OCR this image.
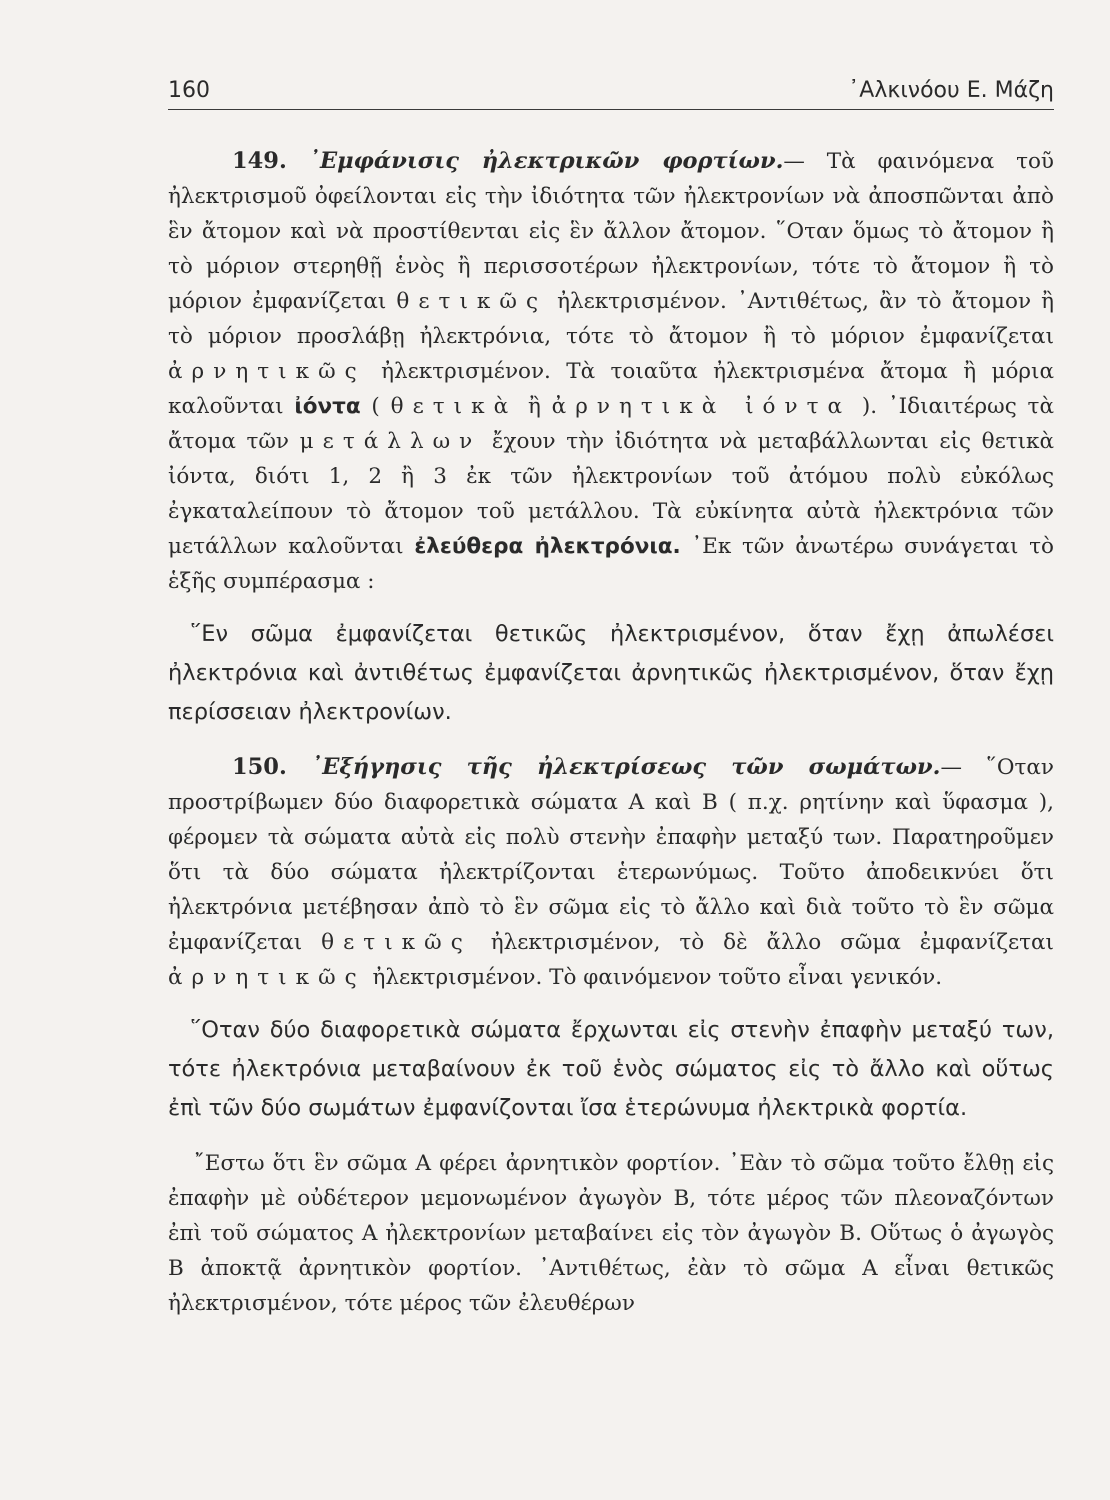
160	᾿Αλκινόου Ε. Μάζη

149. ᾿Εμφάνισις ἠλεκτρικῶν φορτίων.— Τὰ φαινόμενα τοῦ ἠλεκτρισμοῦ ὀφείλονται εἰς τὴν ἰδιότητα τῶν ἠλεκτρονίων νὰ ἀποσπῶνται ἀπὸ ἓν ἄτομον καὶ νὰ προστίθενται εἰς ἓν ἄλλον ἄτομον. ῞Οταν ὅμως τὸ ἄτομον ἢ τὸ μόριον στερηθῇ ἑνὸς ἢ περισσοτέρων ἠλεκτρονίων, τότε τὸ ἄτομον ἢ τὸ μόριον ἐμφανίζεται θετικῶς ἠλεκτρισμένον. ᾿Αντιθέτως, ἂν τὸ ἄτομον ἢ τὸ μόριον προσλάβῃ ἠλεκτρόνια, τότε τὸ ἄτομον ἢ τὸ μόριον ἐμφανίζεται ἀρνητικῶς ἠλεκτρισμένον. Τὰ τοιαῦτα ἠλεκτρισμένα ἄτομα ἢ μόρια καλοῦνται ἰόντα ( θετικὰ ἢ ἀρνητικὰ ἰόντα ). ᾿Ιδιαιτέρως τὰ ἄτομα τῶν μετάλλων ἔχουν τὴν ἰδιότητα νὰ μεταβάλλωνται εἰς θετικὰ ἰόντα, διότι 1, 2 ἢ 3 ἐκ τῶν ἠλεκτρονίων τοῦ ἀτόμου πολὺ εὐκόλως ἐγκαταλείπουν τὸ ἄτομον τοῦ μετάλλου. Τὰ εὐκίνητα αὐτὰ ἠλεκτρόνια τῶν μετάλλων καλοῦνται ἐλεύθερα ἠλεκτρόνια. ᾿Εκ τῶν ἀνωτέρω συνάγεται τὸ ἑξῆς συμπέρασμα :

῞Εν σῶμα ἐμφανίζεται θετικῶς ἠλεκτρισμένον, ὅταν ἔχῃ ἀπωλέσει ἠλεκτρόνια καὶ ἀντιθέτως ἐμφανίζεται ἀρνητικῶς ἠλεκτρισμένον, ὅταν ἔχῃ περίσσειαν ἠλεκτρονίων.

150. ᾿Εξήγησις τῆς ἠλεκτρίσεως τῶν σωμάτων.— ῞Οταν προστρίβωμεν δύο διαφορετικὰ σώματα Α καὶ Β ( π.χ. ρητίνην καὶ ὕφασμα ), φέρομεν τὰ σώματα αὐτὰ εἰς πολὺ στενὴν ἐπαφὴν μεταξύ των. Παρατηροῦμεν ὅτι τὰ δύο σώματα ἠλεκτρίζονται ἑτερωνύμως. Τοῦτο ἀποδεικνύει ὅτι ἠλεκτρόνια μετέβησαν ἀπὸ τὸ ἓν σῶμα εἰς τὸ ἄλλο καὶ διὰ τοῦτο τὸ ἓν σῶμα ἐμφανίζεται θετικῶς ἠλεκτρισμένον, τὸ δὲ ἄλλο σῶμα ἐμφανίζεται ἀρνητικῶς ἠλεκτρισμένον. Τὸ φαινόμενον τοῦτο εἶναι γενικόν.

῞Οταν δύο διαφορετικὰ σώματα ἔρχωνται εἰς στενὴν ἐπαφὴν μεταξύ των, τότε ἠλεκτρόνια μεταβαίνουν ἐκ τοῦ ἑνὸς σώματος εἰς τὸ ἄλλο καὶ οὕτως ἐπὶ τῶν δύο σωμάτων ἐμφανίζονται ἴσα ἑτερώνυμα ἠλεκτρικὰ φορτία.

῎Εστω ὅτι ἓν σῶμα Α φέρει ἀρνητικὸν φορτίον. ᾿Εὰν τὸ σῶμα τοῦτο ἔλθῃ εἰς ἐπαφὴν μὲ οὐδέτερον μεμονωμένον ἀγωγὸν Β, τότε μέρος τῶν πλεοναζόντων ἐπὶ τοῦ σώματος Α ἠλεκτρονίων μεταβαίνει εἰς τὸν ἀγωγὸν Β. Οὕτως ὁ ἀγωγὸς Β ἀποκτᾷ ἀρνητικὸν φορτίον. ᾿Αντιθέτως, ἐὰν τὸ σῶμα Α εἶναι θετικῶς ἠλεκτρισμένον, τότε μέρος τῶν ἐλευθέρων
